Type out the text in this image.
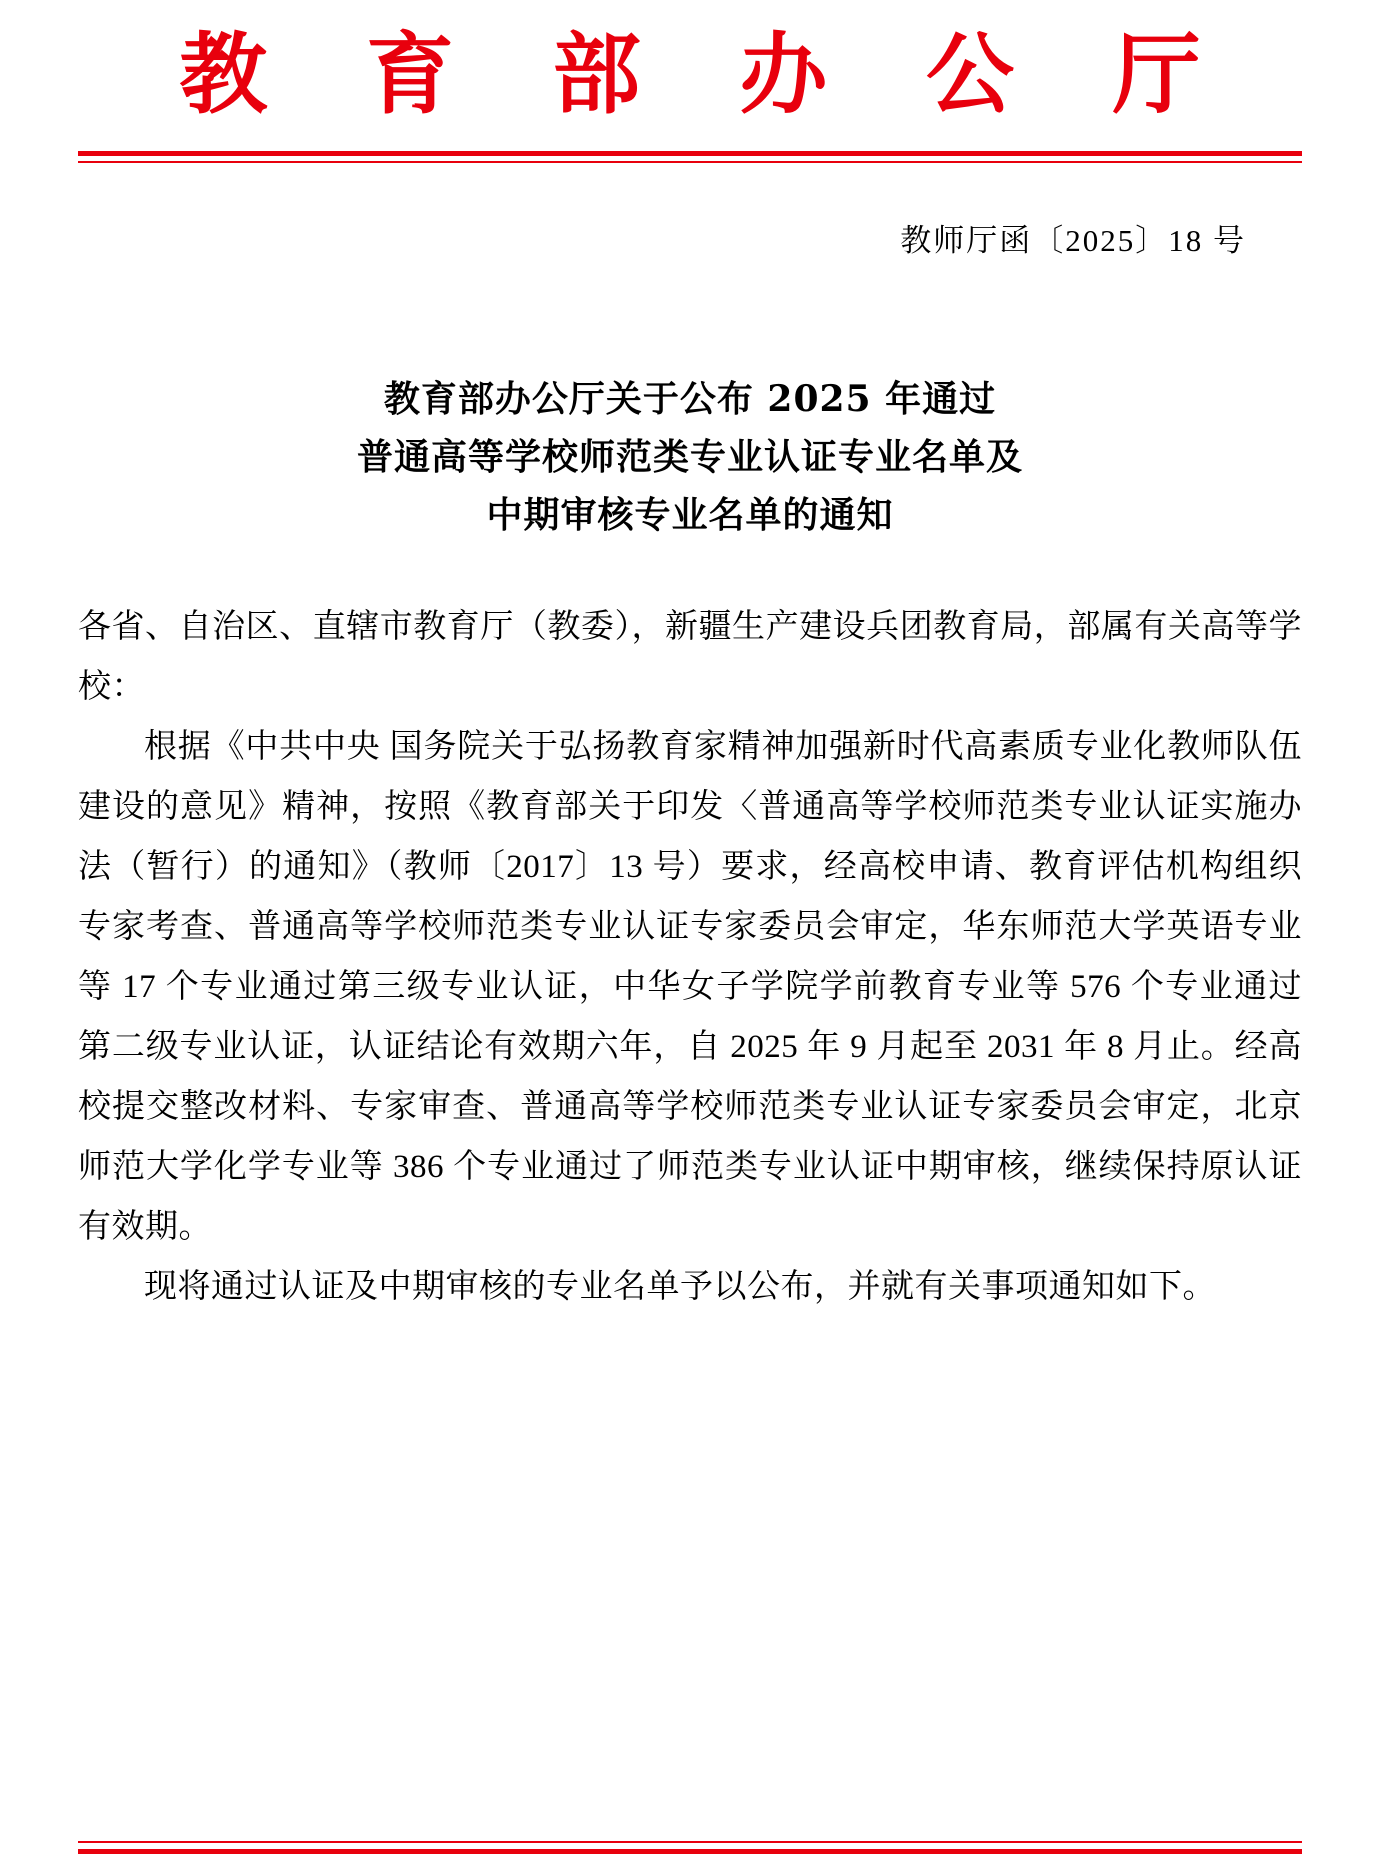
教 育 部 办 公 厅
教师厅函〔2025〕18 号
教育部办公厅关于公布 2025 年通过
普通高等学校师范类专业认证专业名单及
中期审核专业名单的通知

各省、自治区、直辖市教育厅（教委），新疆生产建设兵团教育局，部属有关高等学校：

根据《中共中央 国务院关于弘扬教育家精神加强新时代高素质专业化教师队伍建设的意见》精神，按照《教育部关于印发〈普通高等学校师范类专业认证实施办法（暂行）的通知》（教师〔2017〕13 号）要求，经高校申请、教育评估机构组织专家考查、普通高等学校师范类专业认证专家委员会审定，华东师范大学英语专业等 17 个专业通过第三级专业认证，中华女子学院学前教育专业等 576 个专业通过第二级专业认证，认证结论有效期六年，自 2025 年 9 月起至 2031 年 8 月止。经高校提交整改材料、专家审查、普通高等学校师范类专业认证专家委员会审定，北京师范大学化学专业等 386 个专业通过了师范类专业认证中期审核，继续保持原认证有效期。

现将通过认证及中期审核的专业名单予以公布，并就有关事项通知如下。
